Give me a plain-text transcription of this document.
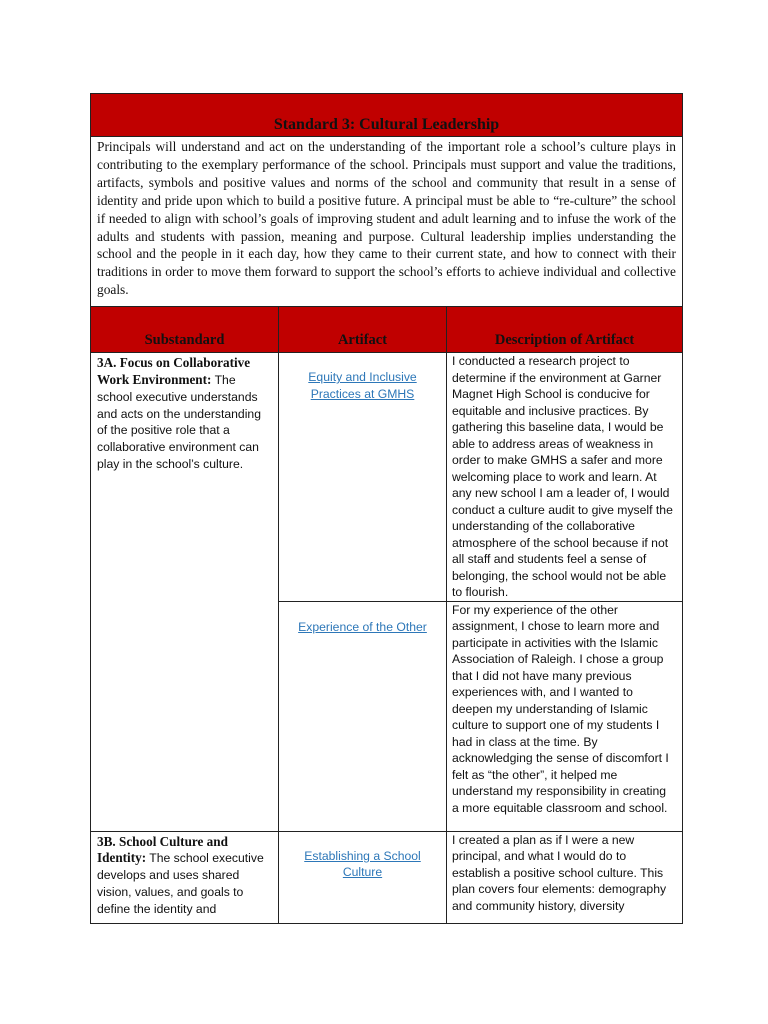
Standard 3: Cultural Leadership		
Principals will understand and act on the understanding of the important role a school’s culture plays in contributing to the exemplary performance of the school. Principals must support and value the traditions, artifacts, symbols and positive values and norms of the school and community that result in a sense of identity and pride upon which to build a positive future. A principal must be able to “re-culture” the school if needed to align with school’s goals of improving student and adult learning and to infuse the work of the adults and students with passion, meaning and purpose. Cultural leadership implies understanding the school and the people in it each day, how they came to their current state, and how to connect with their traditions in order to move them forward to support the school’s efforts to achieve individual and collective goals.		
Substandard	Artifact	Description of Artifact
3A. Focus on Collaborative Work Environment: The school executive understands and acts on the understanding of the positive role that a collaborative environment can play in the school’s culture.	Equity and Inclusive Practices at GMHS	I conducted a research project to determine if the environment at Garner Magnet High School is conducive for equitable and inclusive practices. By gathering this baseline data, I would be able to address areas of weakness in order to make GMHS a safer and more welcoming place to work and learn. At any new school I am a leader of, I would conduct a culture audit to give myself the understanding of the collaborative atmosphere of the school because if not all staff and students feel a sense of belonging, the school would not be able to flourish.
	Experience of the Other	For my experience of the other assignment, I chose to learn more and participate in activities with the Islamic Association of Raleigh. I chose a group that I did not have many previous experiences with, and I wanted to deepen my understanding of Islamic culture to support one of my students I had in class at the time. By acknowledging the sense of discomfort I felt as “the other”, it helped me understand my responsibility in creating a more equitable classroom and school.
3B. School Culture and Identity: The school executive develops and uses shared vision, values, and goals to define the identity and	Establishing a School Culture	I created a plan as if I were a new principal, and what I would do to establish a positive school culture. This plan covers four elements: demography and community history, diversity
